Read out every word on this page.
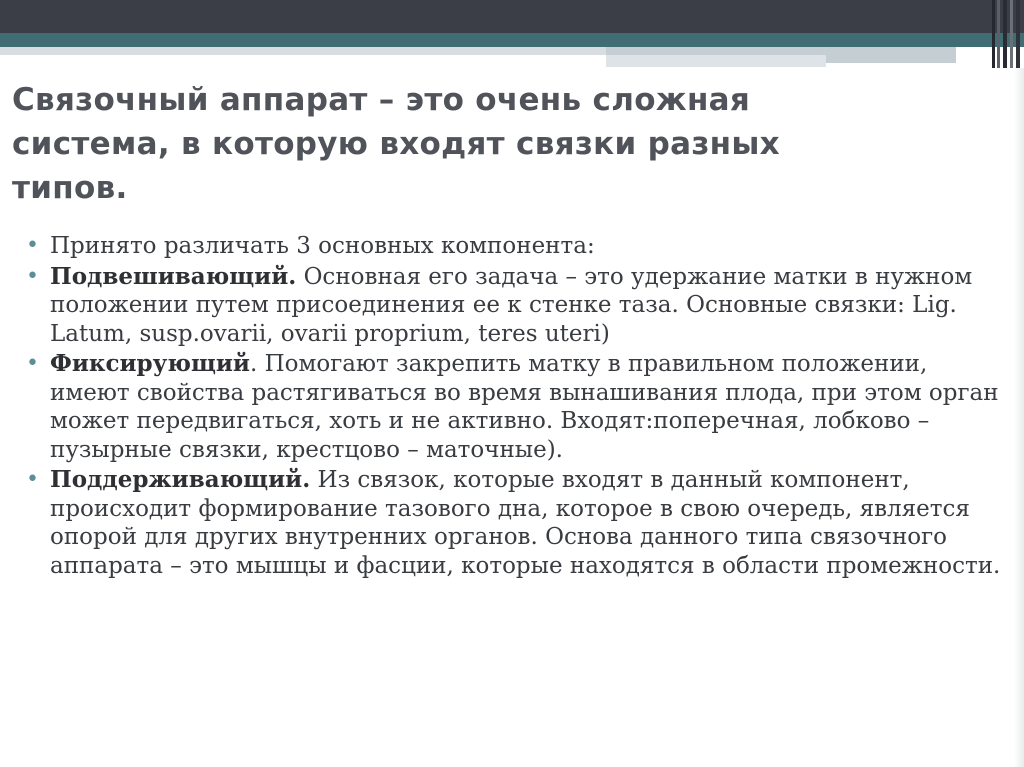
Связочный аппарат – это очень сложная система, в которую входят связки разных типов.
• Принято различать 3 основных компонента:
• Подвешивающий. Основная его задача – это удержание матки в нужном положении путем присоединения ее к стенке таза. Основные связки: Lig. Latum, susp.ovarii, ovarii proprium, teres uteri)
• Фиксирующий. Помогают закрепить матку в правильном положении, имеют свойства растягиваться во время вынашивания плода, при этом орган может передвигаться, хоть и не активно. Входят:поперечная, лобково – пузырные связки, крестцово – маточные).
• Поддерживающий. Из связок, которые входят в данный компонент, происходит формирование тазового дна, которое в свою очередь, является опорой для других внутренних органов. Основа данного типа связочного аппарата – это мышцы и фасции, которые находятся в области промежности.
